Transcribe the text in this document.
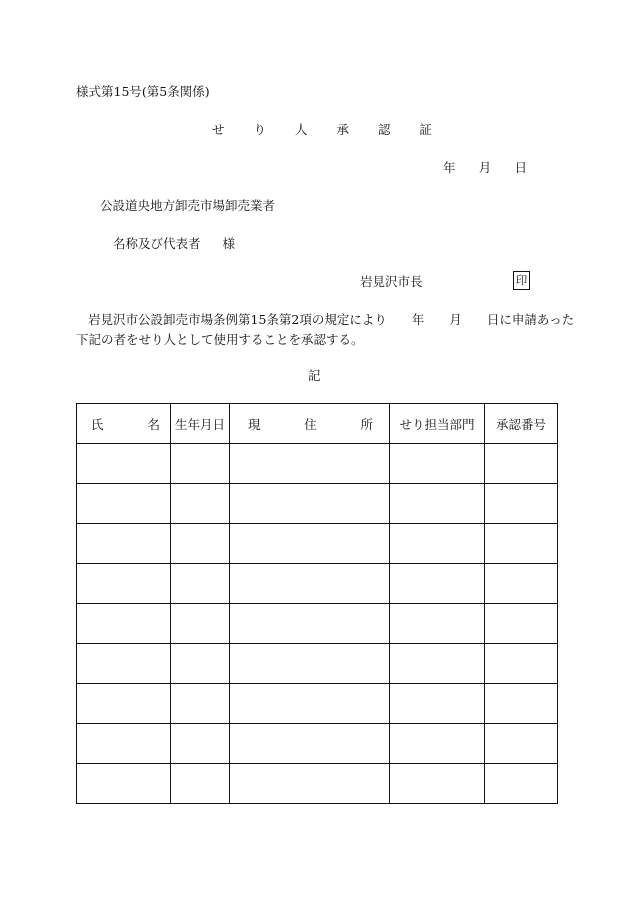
様式第15号(第5条関係)
せ り 人 承 認 証
年 月 日
公設道央地方卸売市場卸売業者
名称及び代表者 様
岩見沢市長	印
岩見沢市公設卸売市場条例第15条第2項の規定により　　年　　月　　日に申請あった
下記の者をせり人として使用することを承認する。
記
氏 名	生年月日	現 住 所	せり担当部門	承認番号
